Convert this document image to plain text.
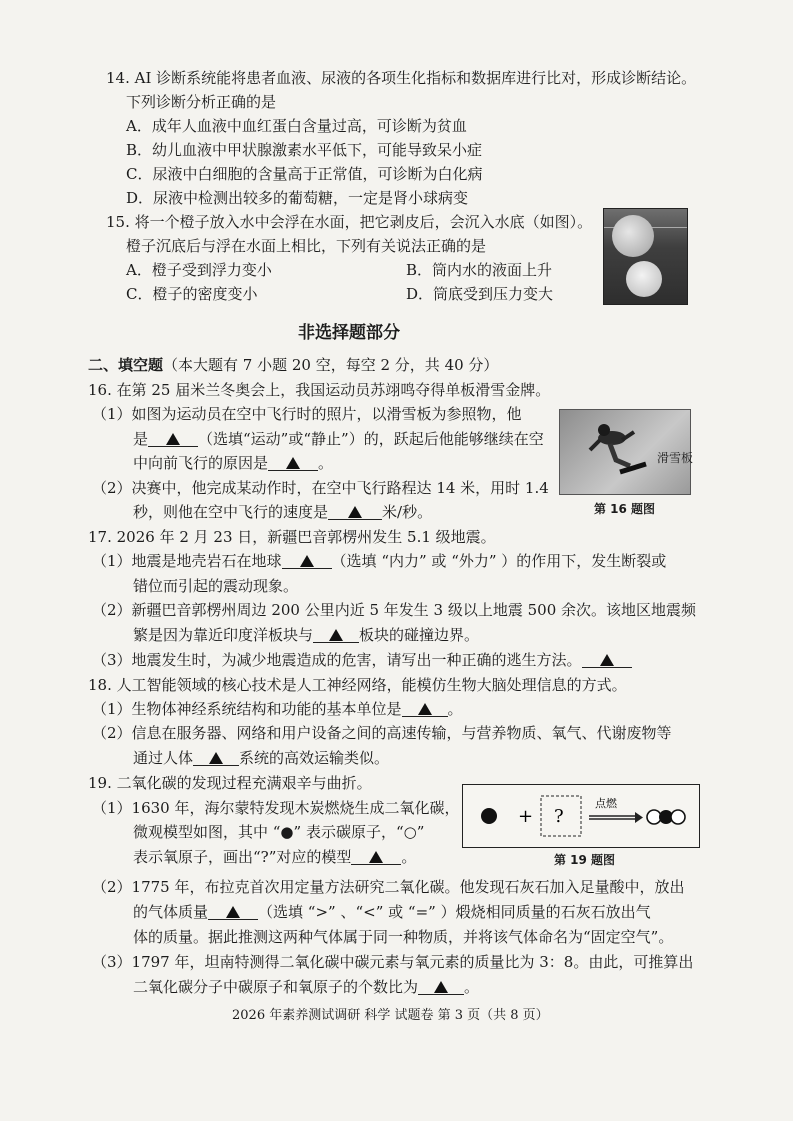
14. AI 诊断系统能将患者血液、尿液的各项生化指标和数据库进行比对，形成诊断结论。
下列诊断分析正确的是
A．成年人血液中血红蛋白含量过高，可诊断为贫血
B．幼儿血液中甲状腺激素水平低下，可能导致呆小症
C．尿液中白细胞的含量高于正常值，可诊断为白化病
D．尿液中检测出较多的葡萄糖，一定是肾小球病变
15. 将一个橙子放入水中会浮在水面，把它剥皮后，会沉入水底（如图）。
橙子沉底后与浮在水面上相比，下列有关说法正确的是
A．橙子受到浮力变小	B．筒内水的液面上升
C．橙子的密度变小	D．筒底受到压力变大
非选择题部分
二、填空题（本大题有 7 小题 20 空，每空 2 分，共 40 分）
16. 在第 25 届米兰冬奥会上，我国运动员苏翊鸣夺得单板滑雪金牌。
（1）如图为运动员在空中飞行时的照片，以滑雪板为参照物，他
是	（选填“运动”或“静止”）的，跃起后他能够继续在空
中向前飞行的原因是	。
（2）决赛中，他完成某动作时，在空中飞行路程达 14 米，用时 1.4
秒，则他在空中飞行的速度是	米/秒。
滑雪板
第 16 题图
17. 2026 年 2 月 23 日，新疆巴音郭楞州发生 5.1 级地震。
（1）地震是地壳岩石在地球	（选填 “内力” 或 “外力” ）的作用下，发生断裂或
错位而引起的震动现象。
（2）新疆巴音郭楞州周边 200 公里内近 5 年发生 3 级以上地震 500 余次。该地区地震频
繁是因为靠近印度洋板块与	板块的碰撞边界。
（3）地震发生时，为减少地震造成的危害，请写出一种正确的逃生方法。
18. 人工智能领域的核心技术是人工神经网络，能模仿生物大脑处理信息的方式。
（1）生物体神经系统结构和功能的基本单位是	。
（2）信息在服务器、网络和用户设备之间的高速传输，与营养物质、氧气、代谢废物等
通过人体	系统的高效运输类似。
19. 二氧化碳的发现过程充满艰辛与曲折。
（1）1630 年，海尔蒙特发现木炭燃烧生成二氧化碳，
微观模型如图，其中 “●” 表示碳原子，“○”
表示氧原子，画出“?”对应的模型	。
+ ?
点燃
第 19 题图
（2）1775 年，布拉克首次用定量方法研究二氧化碳。他发现石灰石加入足量酸中，放出
的气体质量	（选填 “>” 、“<” 或 “=” ）煅烧相同质量的石灰石放出气
体的质量。据此推测这两种气体属于同一种物质，并将该气体命名为“固定空气”。
（3）1797 年，坦南特测得二氧化碳中碳元素与氧元素的质量比为 3：8。由此，可推算出
二氧化碳分子中碳原子和氧原子的个数比为	。
2026 年素养测试调研 科学 试题卷 第 3 页（共 8 页）
